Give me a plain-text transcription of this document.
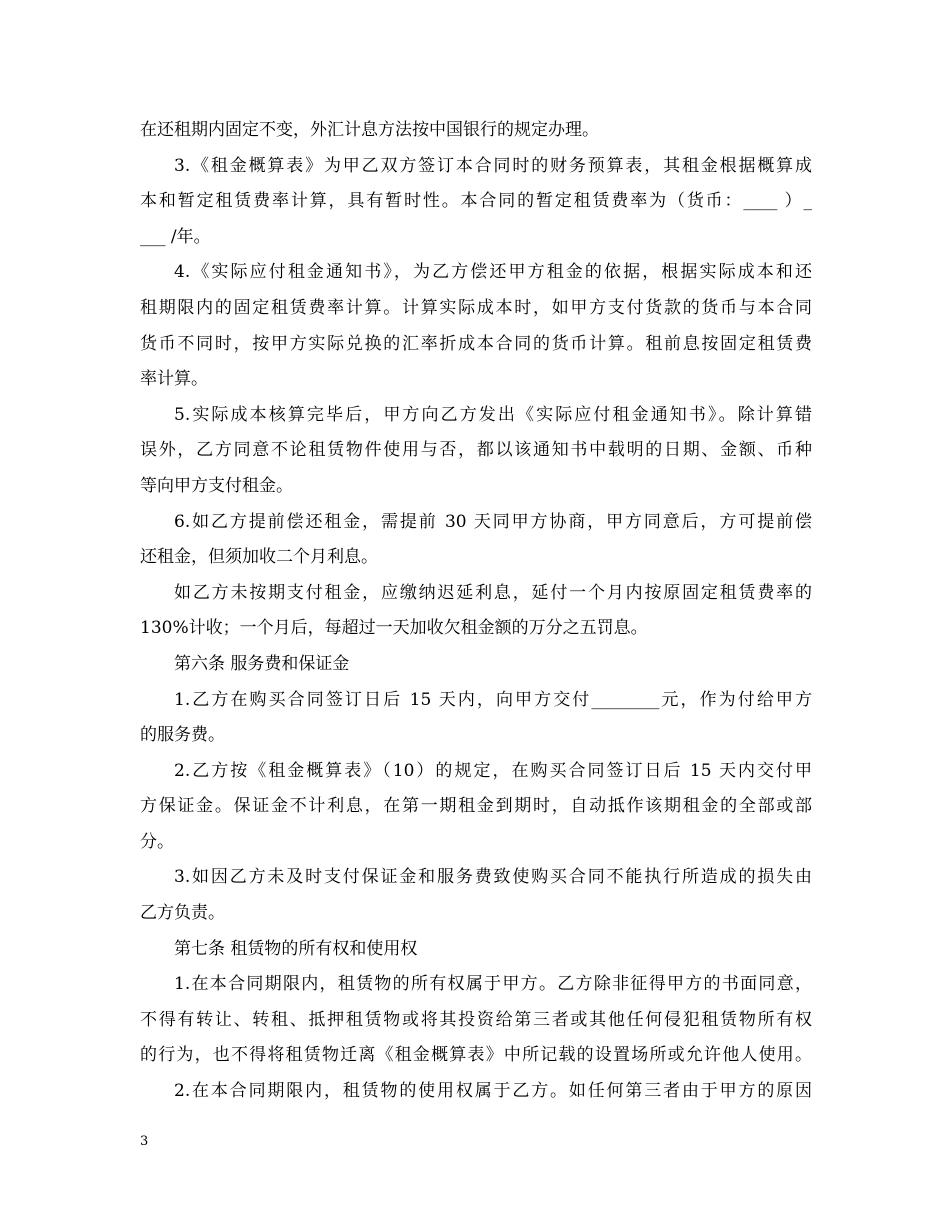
在还租期内固定不变，外汇计息方法按中国银行的规定办理。
3.《租金概算表》为甲乙双方签订本合同时的财务预算表，其租金根据概算成
本和暂定租赁费率计算，具有暂时性。本合同的暂定租赁费率为（货币：____ ）_
___ /年。
4.《实际应付租金通知书》，为乙方偿还甲方租金的依据，根据实际成本和还
租期限内的固定租赁费率计算。计算实际成本时，如甲方支付货款的货币与本合同
货币不同时，按甲方实际兑换的汇率折成本合同的货币计算。租前息按固定租赁费
率计算。
5.实际成本核算完毕后，甲方向乙方发出《实际应付租金通知书》。除计算错
误外，乙方同意不论租赁物件使用与否，都以该通知书中载明的日期、金额、币种
等向甲方支付租金。
6.如乙方提前偿还租金，需提前 30 天同甲方协商，甲方同意后，方可提前偿
还租金，但须加收二个月利息。
如乙方未按期支付租金，应缴纳迟延利息，延付一个月内按原固定租赁费率的
130%计收；一个月后，每超过一天加收欠租金额的万分之五罚息。
第六条 服务费和保证金
1.乙方在购买合同签订日后 15 天内，向甲方交付________元，作为付给甲方
的服务费。
2.乙方按《租金概算表》（10）的规定，在购买合同签订日后 15 天内交付甲
方保证金。保证金不计利息，在第一期租金到期时，自动抵作该期租金的全部或部
分。
3.如因乙方未及时支付保证金和服务费致使购买合同不能执行所造成的损失由
乙方负责。
第七条 租赁物的所有权和使用权
1.在本合同期限内，租赁物的所有权属于甲方。乙方除非征得甲方的书面同意，
不得有转让、转租、抵押租赁物或将其投资给第三者或其他任何侵犯租赁物所有权
的行为，也不得将租赁物迁离《租金概算表》中所记载的设置场所或允许他人使用。
2.在本合同期限内，租赁物的使用权属于乙方。如任何第三者由于甲方的原因
3
